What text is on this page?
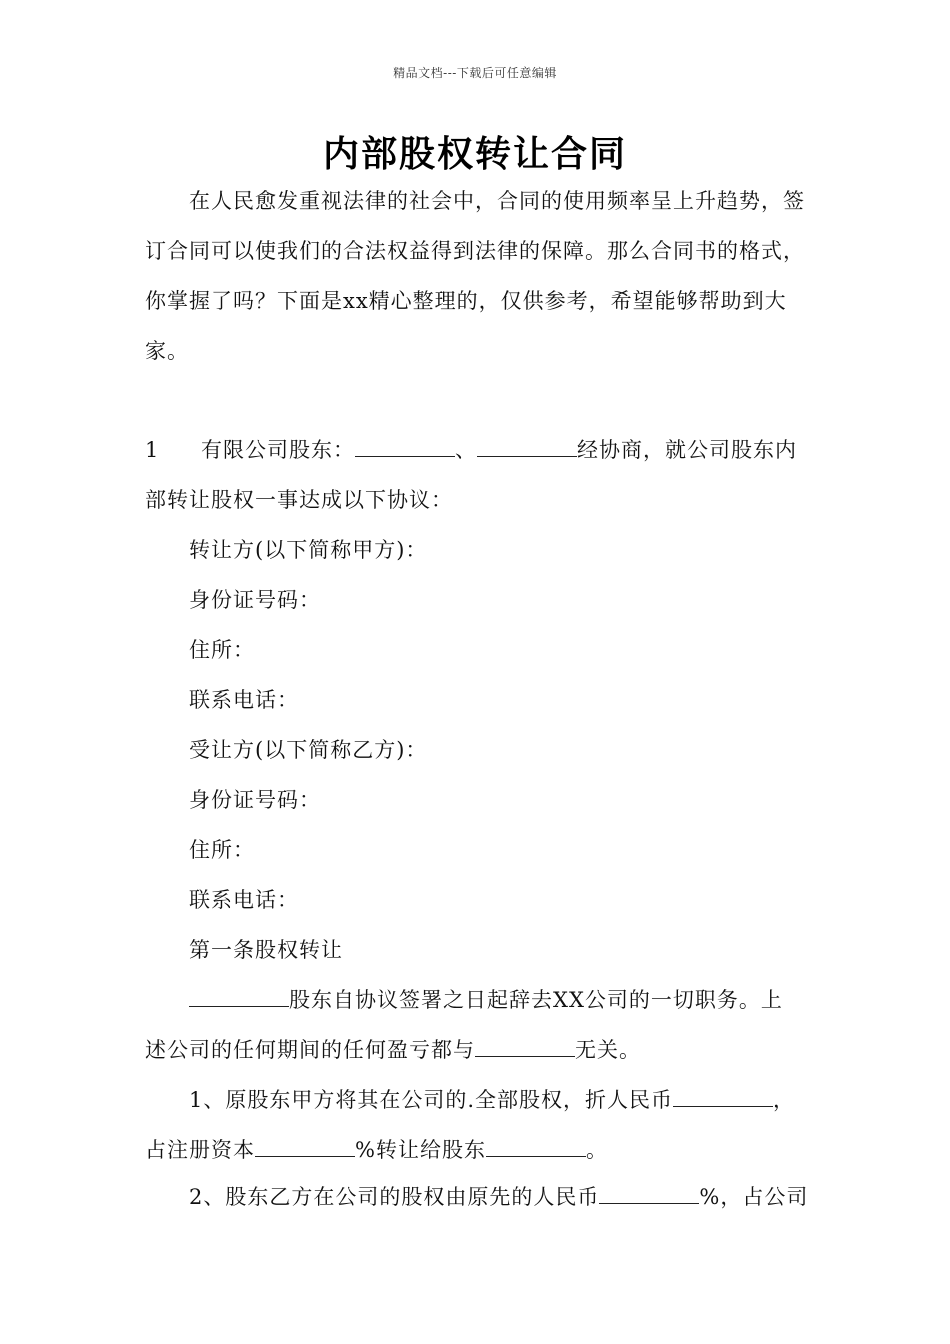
精品文档---下载后可任意编辑
内部股权转让合同

在人民愈发重视法律的社会中，合同的使用频率呈上升趋势，签订合同可以使我们的合法权益得到法律的保障。那么合同书的格式，你掌握了吗？下面是xx精心整理的，仅供参考，希望能够帮助到大家。

1 有限公司股东：	、	经协商，就公司股东内
部转让股权一事达成以下协议：
转让方(以下简称甲方)：
身份证号码：
住所：
联系电话：
受让方(以下简称乙方)：
身份证号码：
住所：
联系电话：
第一条股权转让
股东自协议签署之日起辞去XX公司的一切职务。上
述公司的任何期间的任何盈亏都与	无关。
1、原股东甲方将其在公司的.全部股权，折人民币	，
占注册资本	%转让给股东	。
2、股东乙方在公司的股权由原先的人民币	%，占公司
